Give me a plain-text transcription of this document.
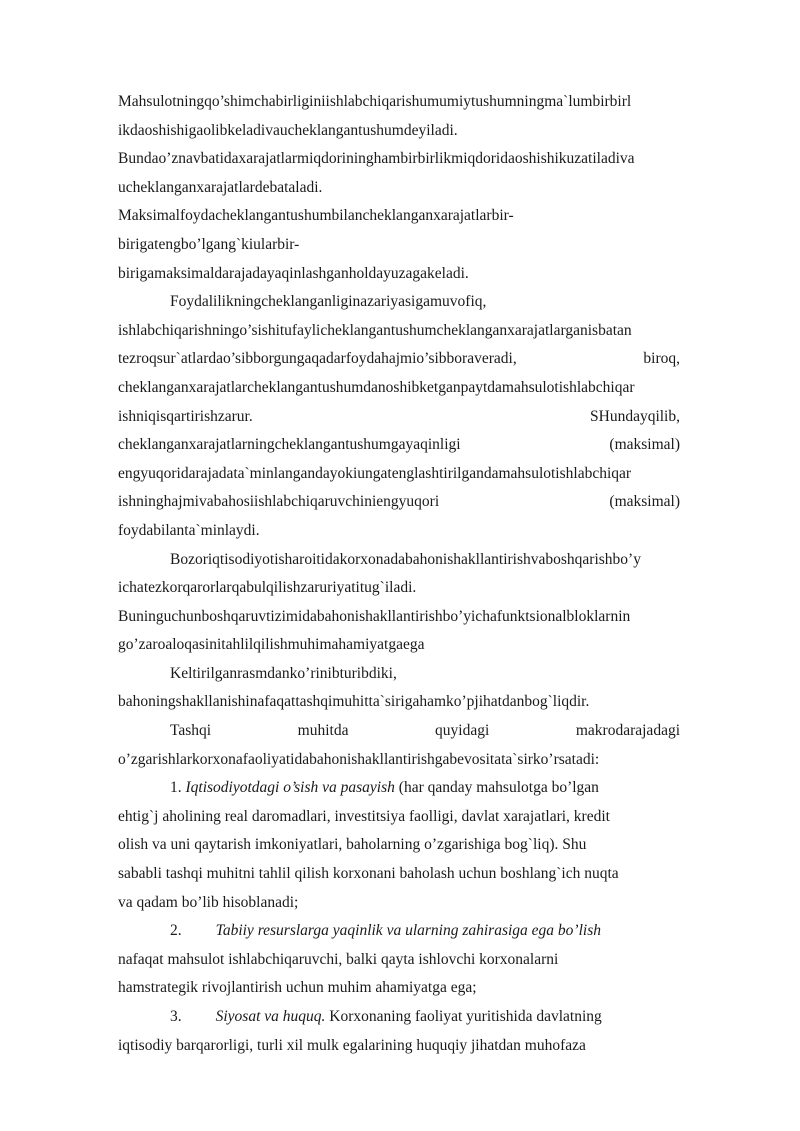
Mahsulotningqo’shimchabirliginiishlabchiqarishumumiytushumningma`lumbirbirl
ikdaoshishigaolibkeladivaucheklangantushumdeyiladi.
Bundao’znavbatidaxarajatlarmiqdorininghambirbirlikmiqdoridaoshishikuzatiladiva
ucheklanganxarajatlardebataladi.
Maksimalfoydacheklangantushumbilancheklanganxarajatlarbir-
birigatengbo’lgang`kiularbir-
birigamaksimaldarajadayaqinlashganholdayuzagakeladi.
Foydalilikningcheklanganliginazariyasigamuvofiq,
ishlabchiqarishningo’sishitufaylicheklangantushumcheklanganxarajatlarganisbatan
tezroqsur`atlardao’sibborgungaqadarfoydahajmio’sibboraveradi,	biroq,
cheklanganxarajatlarcheklangantushumdanoshibketganpaytdamahsulotishlabchiqar
ishniqisqartirishzarur.	SHundayqilib,
cheklanganxarajatlarningcheklangantushumgayaqinligi	(maksimal)
engyuqoridarajadata`minlangandayokiungatenglashtirilgandamahsulotishlabchiqar
ishninghajmivabahosiishlabchiqaruvchiniengyuqori	(maksimal)
foydabilanta`minlaydi.
Bozoriqtisodiyotisharoitidakorxonadabahonishakllantirishvaboshqarishbo’y
ichatezkorqarorlarqabulqilishzaruriyatitug`iladi.
Buninguchunboshqaruvtizimidabahonishakllantirishbo’yichafunktsionalbloklarnin
go’zaroaloqasinitahlilqilishmuhimahamiyatgaega
Keltirilganrasmdanko’rinibturibdiki,
bahoningshakllanishinafaqattashqimuhitta`sirigahamko’pjihatdanbog`liqdir.
Tashqi	muhitda	quyidagi	makrodarajadagi
o’zgarishlarkorxonafaoliyatidabahonishakllantirishgabevositata`sirko’rsatadi:
1. Iqtisodiyotdagi o’sish va pasayish (har qanday mahsulotga bo’lgan
ehtig`j aholining real daromadlari, investitsiya faolligi, davlat xarajatlari, kredit
olish va uni qaytarish imkoniyatlari, baholarning o’zgarishiga bog`liq). Shu
sababli tashqi muhitni tahlil qilish korxonani baholash uchun boshlang`ich nuqta
va qadam bo’lib hisoblanadi;
2. Tabiiy resurslarga yaqinlik va ularning zahirasiga ega bo’lish
nafaqat mahsulot ishlabchiqaruvchi, balki qayta ishlovchi korxonalarni
hamstrategik rivojlantirish uchun muhim ahamiyatga ega;
3. Siyosat va huquq. Korxonaning faoliyat yuritishida davlatning
iqtisodiy barqarorligi, turli xil mulk egalarining huquqiy jihatdan muhofaza
